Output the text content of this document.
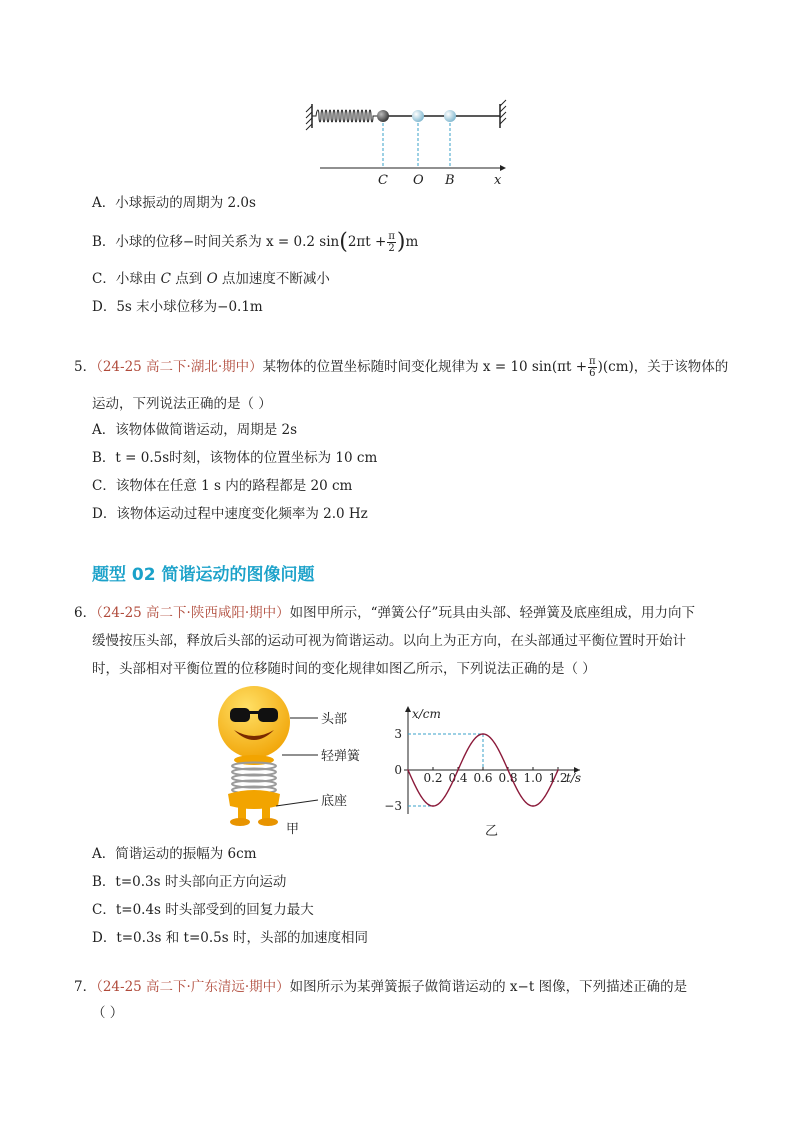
C O B	x
A．小球振动的周期为 2.0s
B．小球的位移−时间关系为 x = 0.2 $\sin(2\pi t + \frac{\pi}{2} )m$
C．小球由 C 点到 O 点加速度不断减小
D．5s 末小球位移为−0.1m
5．（24-25 高二下·湖北·期中）某物体的位置坐标随时间变化规律为 x = 10 $\sin(\pi t + \frac{\pi}{6} )(cm)$，关于该物体的
运动，下列说法正确的是（ ）
A．该物体做简谐运动，周期是 2s
B．t = 0.5s时刻，该物体的位置坐标为 10 cm
C．该物体在任意 1 s 内的路程都是 20 cm
D．该物体运动过程中速度变化频率为 2.0 Hz
题型 02 简谐运动的图像问题
6．（24-25 高二下·陕西咸阳·期中）如图甲所示，“弹簧公仔”玩具由头部、轻弹簧及底座组成，用力向下
缓慢按压头部，释放后头部的运动可视为简谐运动。以向上为正方向，在头部通过平衡位置时开始计
时，头部相对平衡位置的位移随时间的变化规律如图乙所示，下列说法正确的是（ ）
头部
轻弹簧
底座
甲
x/cm
t/s
3
0
−3
0.2 0.4 0.6 0.8 1.0 1.2
乙
A．简谐运动的振幅为 6cm
B．t=0.3s 时头部向正方向运动
C．t=0.4s 时头部受到的回复力最大
D．t=0.3s 和 t=0.5s 时，头部的加速度相同
7．（24-25 高二下·广东清远·期中）如图所示为某弹簧振子做简谐运动的 x−t 图像，下列描述正确的是
（ ）
